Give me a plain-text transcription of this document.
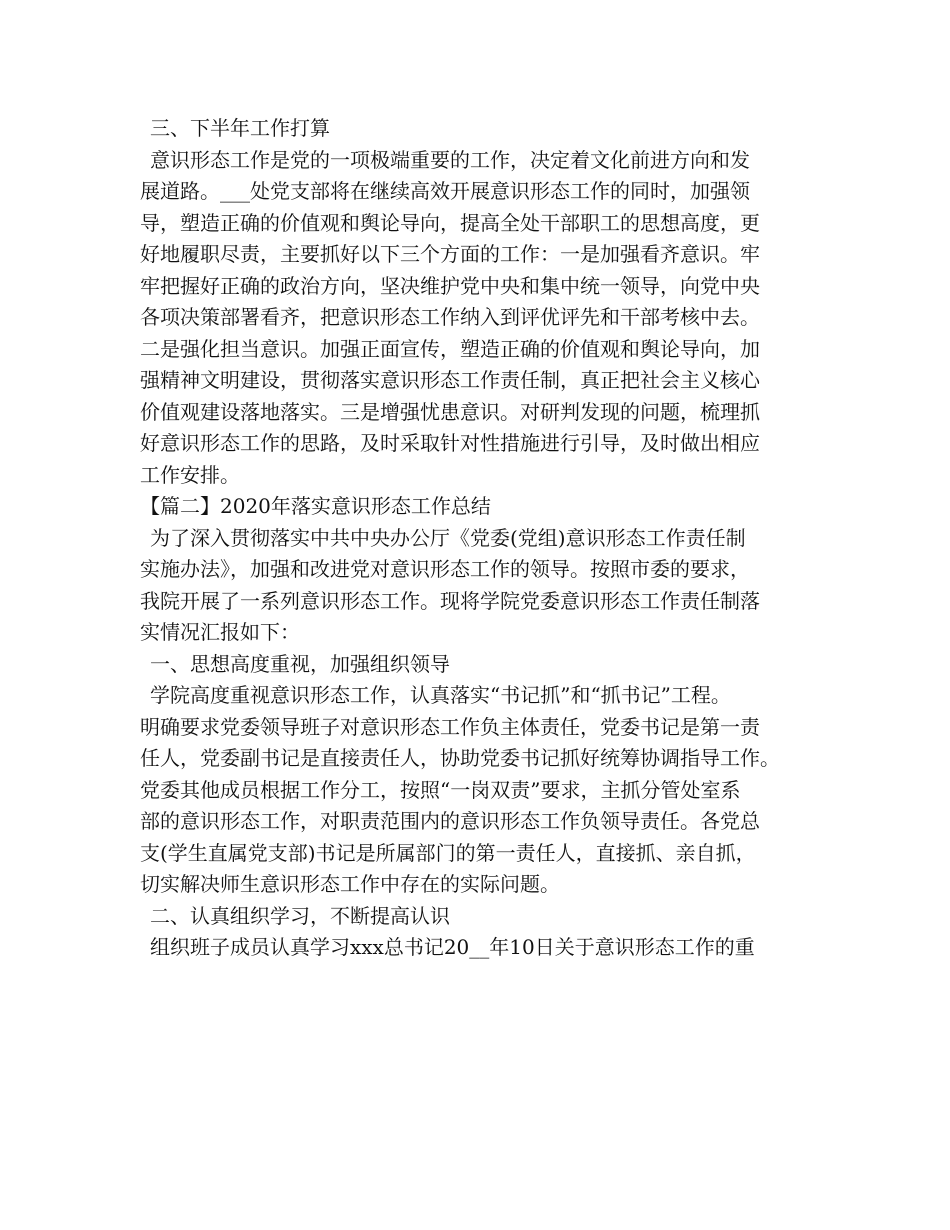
三、下半年工作打算
意识形态工作是党的一项极端重要的工作，决定着文化前进方向和发
展道路。___处党支部将在继续高效开展意识形态工作的同时，加强领
导，塑造正确的价值观和舆论导向，提高全处干部职工的思想高度，更
好地履职尽责，主要抓好以下三个方面的工作：一是加强看齐意识。牢
牢把握好正确的政治方向，坚决维护党中央和集中统一领导，向党中央
各项决策部署看齐，把意识形态工作纳入到评优评先和干部考核中去。
二是强化担当意识。加强正面宣传，塑造正确的价值观和舆论导向，加
强精神文明建设，贯彻落实意识形态工作责任制，真正把社会主义核心
价值观建设落地落实。三是增强忧患意识。对研判发现的问题，梳理抓
好意识形态工作的思路，及时采取针对性措施进行引导，及时做出相应
工作安排。
【篇二】2020年落实意识形态工作总结
为了深入贯彻落实中共中央办公厅《党委(党组)意识形态工作责任制
实施办法》，加强和改进党对意识形态工作的领导。按照市委的要求，
我院开展了一系列意识形态工作。现将学院党委意识形态工作责任制落
实情况汇报如下：
一、思想高度重视，加强组织领导
学院高度重视意识形态工作，认真落实“书记抓”和“抓书记”工程。
明确要求党委领导班子对意识形态工作负主体责任，党委书记是第一责
任人，党委副书记是直接责任人，协助党委书记抓好统筹协调指导工作。
党委其他成员根据工作分工，按照“一岗双责”要求，主抓分管处室系
部的意识形态工作，对职责范围内的意识形态工作负领导责任。各党总
支(学生直属党支部)书记是所属部门的第一责任人，直接抓、亲自抓，
切实解决师生意识形态工作中存在的实际问题。
二、认真组织学习，不断提高认识
组织班子成员认真学习xxx总书记20__年10日关于意识形态工作的重
